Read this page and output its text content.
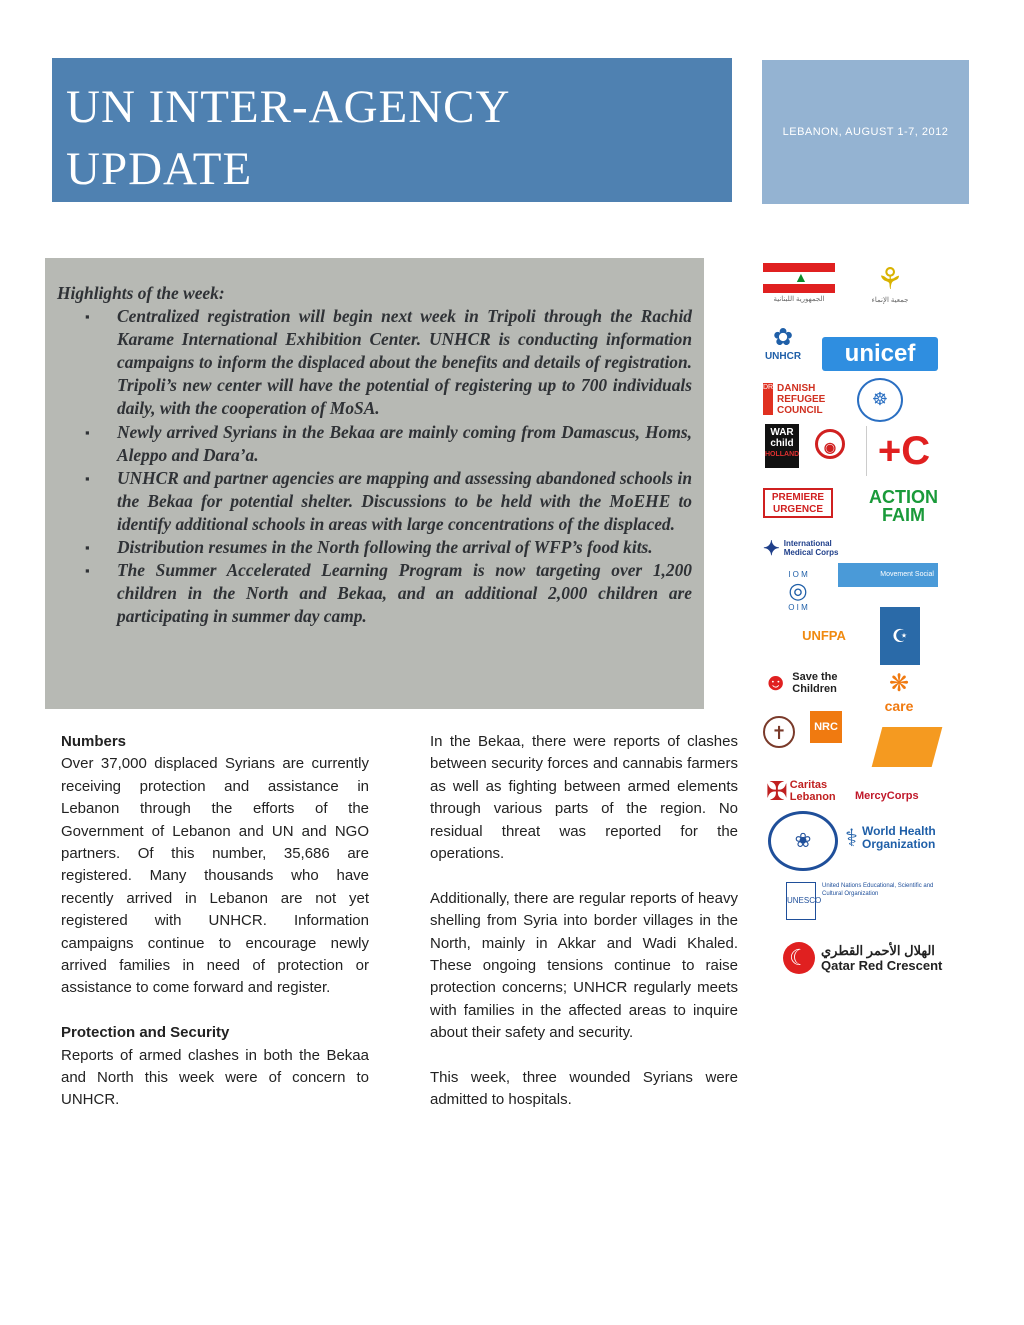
UN INTER-AGENCY
UPDATE
LEBANON, AUGUST 1-7, 2012

Highlights of the week:

▪ Centralized registration will begin next week in Tripoli through the Rachid Karame International Exhibition Center. UNHCR is conducting information campaigns to inform the displaced about the benefits and details of registration. Tripoli’s new center will have the potential of registering up to 700 individuals daily, with the cooperation of MoSA.
▪ Newly arrived Syrians in the Bekaa are mainly coming from Damascus, Homs, Aleppo and Dara’a.
▪ UNHCR and partner agencies are mapping and assessing abandoned schools in the Bekaa for potential shelter. Discussions to be held with the MoEHE to identify additional schools in areas with large concentrations of the displaced.
▪ Distribution resumes in the North following the arrival of WFP’s food kits.
▪ The Summer Accelerated Learning Program is now targeting over 1,200 children in the North and Bekaa, and an additional 2,000 children are participating in summer day camp.
Numbers

Over 37,000 displaced Syrians are currently receiving protection and assistance in Lebanon through the efforts of the Government of Lebanon and UN and NGO partners. Of this number, 35,686 are registered. Many thousands who have recently arrived in Lebanon are not yet registered with UNHCR. Information campaigns continue to encourage newly arrived families in need of protection or assistance to come forward and register.

Protection and Security

Reports of armed clashes in both the Bekaa and North this week were of concern to UNHCR.

In the Bekaa, there were reports of clashes between security forces and cannabis farmers as well as fighting between armed elements through various parts of the region. No residual threat was reported for the operations.

Additionally, there are regular reports of heavy shelling from Syria into border villages in the North, mainly in Akkar and Wadi Khaled. These ongoing tensions continue to raise protection concerns; UNHCR regularly meets with families in the affected areas to inquire about their safety and security.

This week, three wounded Syrians were admitted to hospitals.

▲
الجمهورية اللبنانية
⚘
جمعية الإنماء
✿
UNHCR	unicef
DRC
DANISH REFUGEE COUNCIL
☸
WAR child
HOLLAND	◉ +C
PREMIERE URGENCE
ACTION FAIM
✦ International Medical Corps
I O M
◎
O I M
Movement Social
UNFPA	☪
☻ Save the Children	❋
care
✝	NRC
✠ Caritas Lebanon	MercyCorps
❀	⚕ World Health Organization
UNESCO
United Nations Educational, Scientific and Cultural Organization
☾ الهلال الأحمر القطري
Qatar Red Crescent
